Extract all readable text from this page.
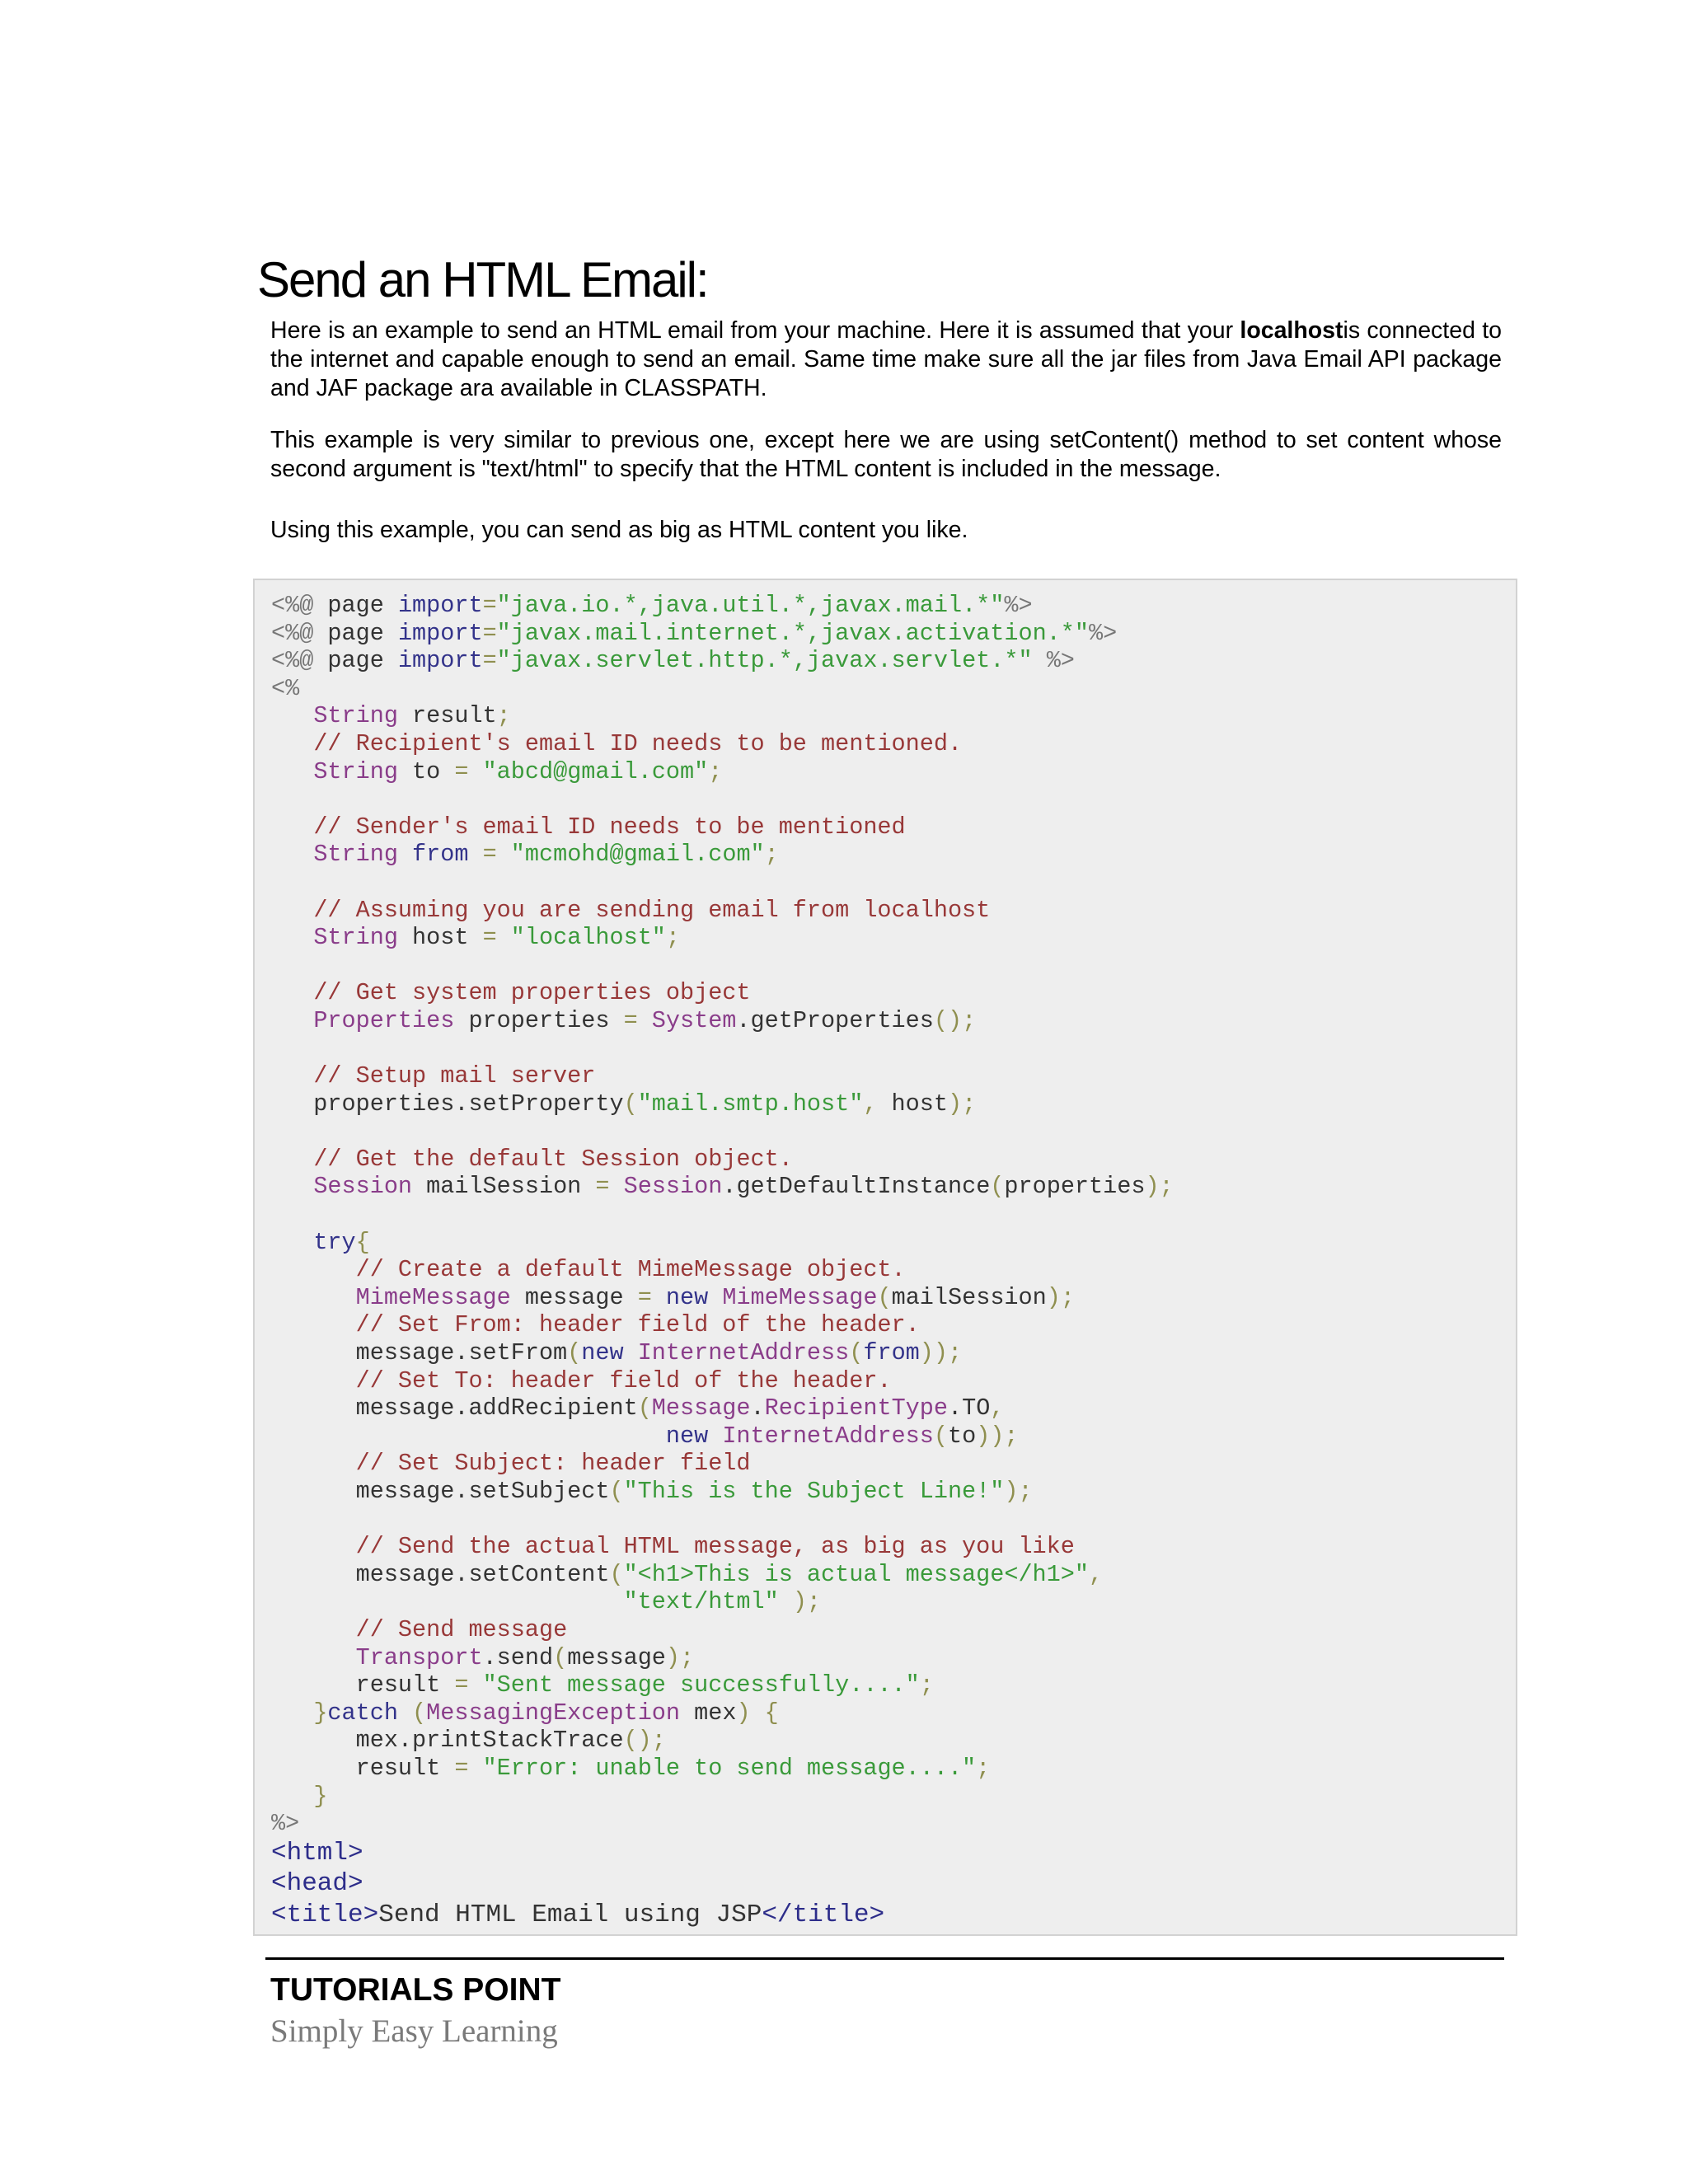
Send an HTML Email:

Here is an example to send an HTML email from your machine. Here it is assumed that your localhostis connected to the internet and capable enough to send an email. Same time make sure all the jar files from Java Email API package and JAF package ara available in CLASSPATH.

This example is very similar to previous one, except here we are using setContent() method to set content whose second argument is "text/html" to specify that the HTML content is included in the message.

Using this example, you can send as big as HTML content you like.

<%@ page import="java.io.*,java.util.*,javax.mail.*"%>
<%@ page import="javax.mail.internet.*,javax.activation.*"%>
<%@ page import="javax.servlet.http.*,javax.servlet.*" %>
<%
String result;
// Recipient's email ID needs to be mentioned.
String to = "abcd@gmail.com";

// Sender's email ID needs to be mentioned
String from = "mcmohd@gmail.com";

// Assuming you are sending email from localhost
String host = "localhost";

// Get system properties object
Properties properties = System.getProperties();

// Setup mail server
properties.setProperty("mail.smtp.host", host);

// Get the default Session object.
Session mailSession = Session.getDefaultInstance(properties);

try{
// Create a default MimeMessage object.
MimeMessage message = new MimeMessage(mailSession);
// Set From: header field of the header.
message.setFrom(new InternetAddress(from));
// Set To: header field of the header.
message.addRecipient(Message.RecipientType.TO,
new InternetAddress(to));
// Set Subject: header field
message.setSubject("This is the Subject Line!");

// Send the actual HTML message, as big as you like
message.setContent("<h1>This is actual message</h1>",
"text/html" );
// Send message
Transport.send(message);
result = "Sent message successfully....";
}catch (MessagingException mex) {
mex.printStackTrace();
result = "Error: unable to send message....";
}
%>
<html>
<head>
<title>Send HTML Email using JSP</title>

TUTORIALS POINT

Simply Easy Learning
